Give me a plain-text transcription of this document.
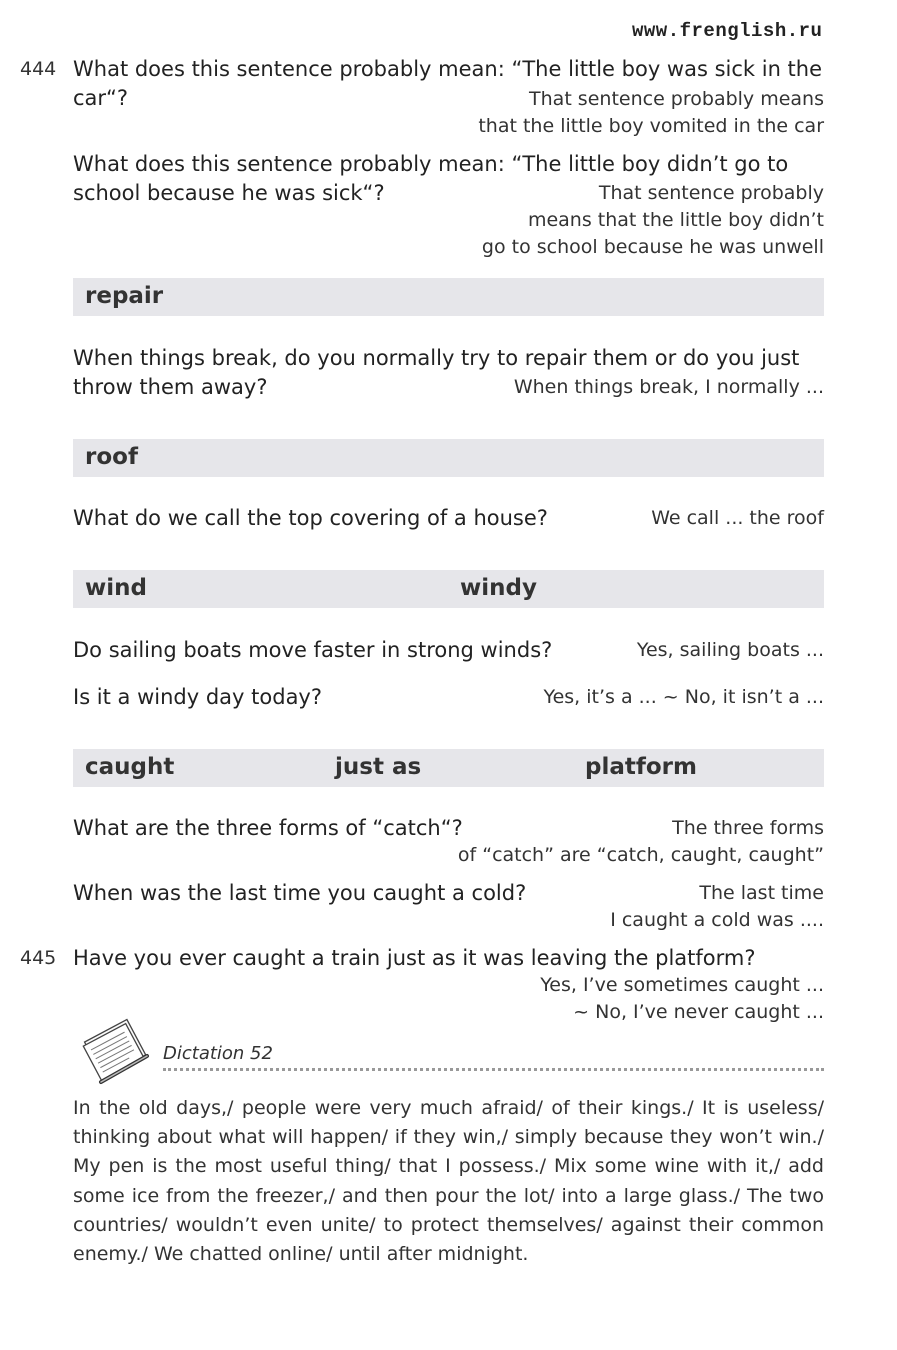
www.frenglish.ru
444 What does this sentence probably mean: “The little boy was sick in the
car“?	That sentence probably means
that the little boy vomited in the car
What does this sentence probably mean: “The little boy didn’t go to
school because he was sick“?	That sentence probably
means that the little boy didn’t
go to school because he was unwell
repair
When things break, do you normally try to repair them or do you just
throw them away?	When things break, I normally ...
roof
What do we call the top covering of a house?	We call ... the roof
wind	windy
Do sailing boats move faster in strong winds?	Yes, sailing boats ...
Is it a windy day today?	Yes, it’s a ... ~ No, it isn’t a ...
caught	just as	platform
What are the three forms of “catch“?	The three forms
of “catch” are “catch, caught, caught”
When was the last time you caught a cold?	The last time
I caught a cold was ....
445 Have you ever caught a train just as it was leaving the platform?
Yes, I’ve sometimes caught ...
~ No, I’ve never caught ...
Dictation 52

In the old days,/ people were very much afraid/ of their kings./ It is useless/ thinking about what will happen/ if they win,/ simply because they won’t win./ My pen is the most useful thing/ that I possess./ Mix some wine with it,/ add some ice from the freezer,/ and then pour the lot/ into a large glass./ The two countries/ wouldn’t even unite/ to protect themselves/ against their common enemy./ We chatted online/ until after midnight.
